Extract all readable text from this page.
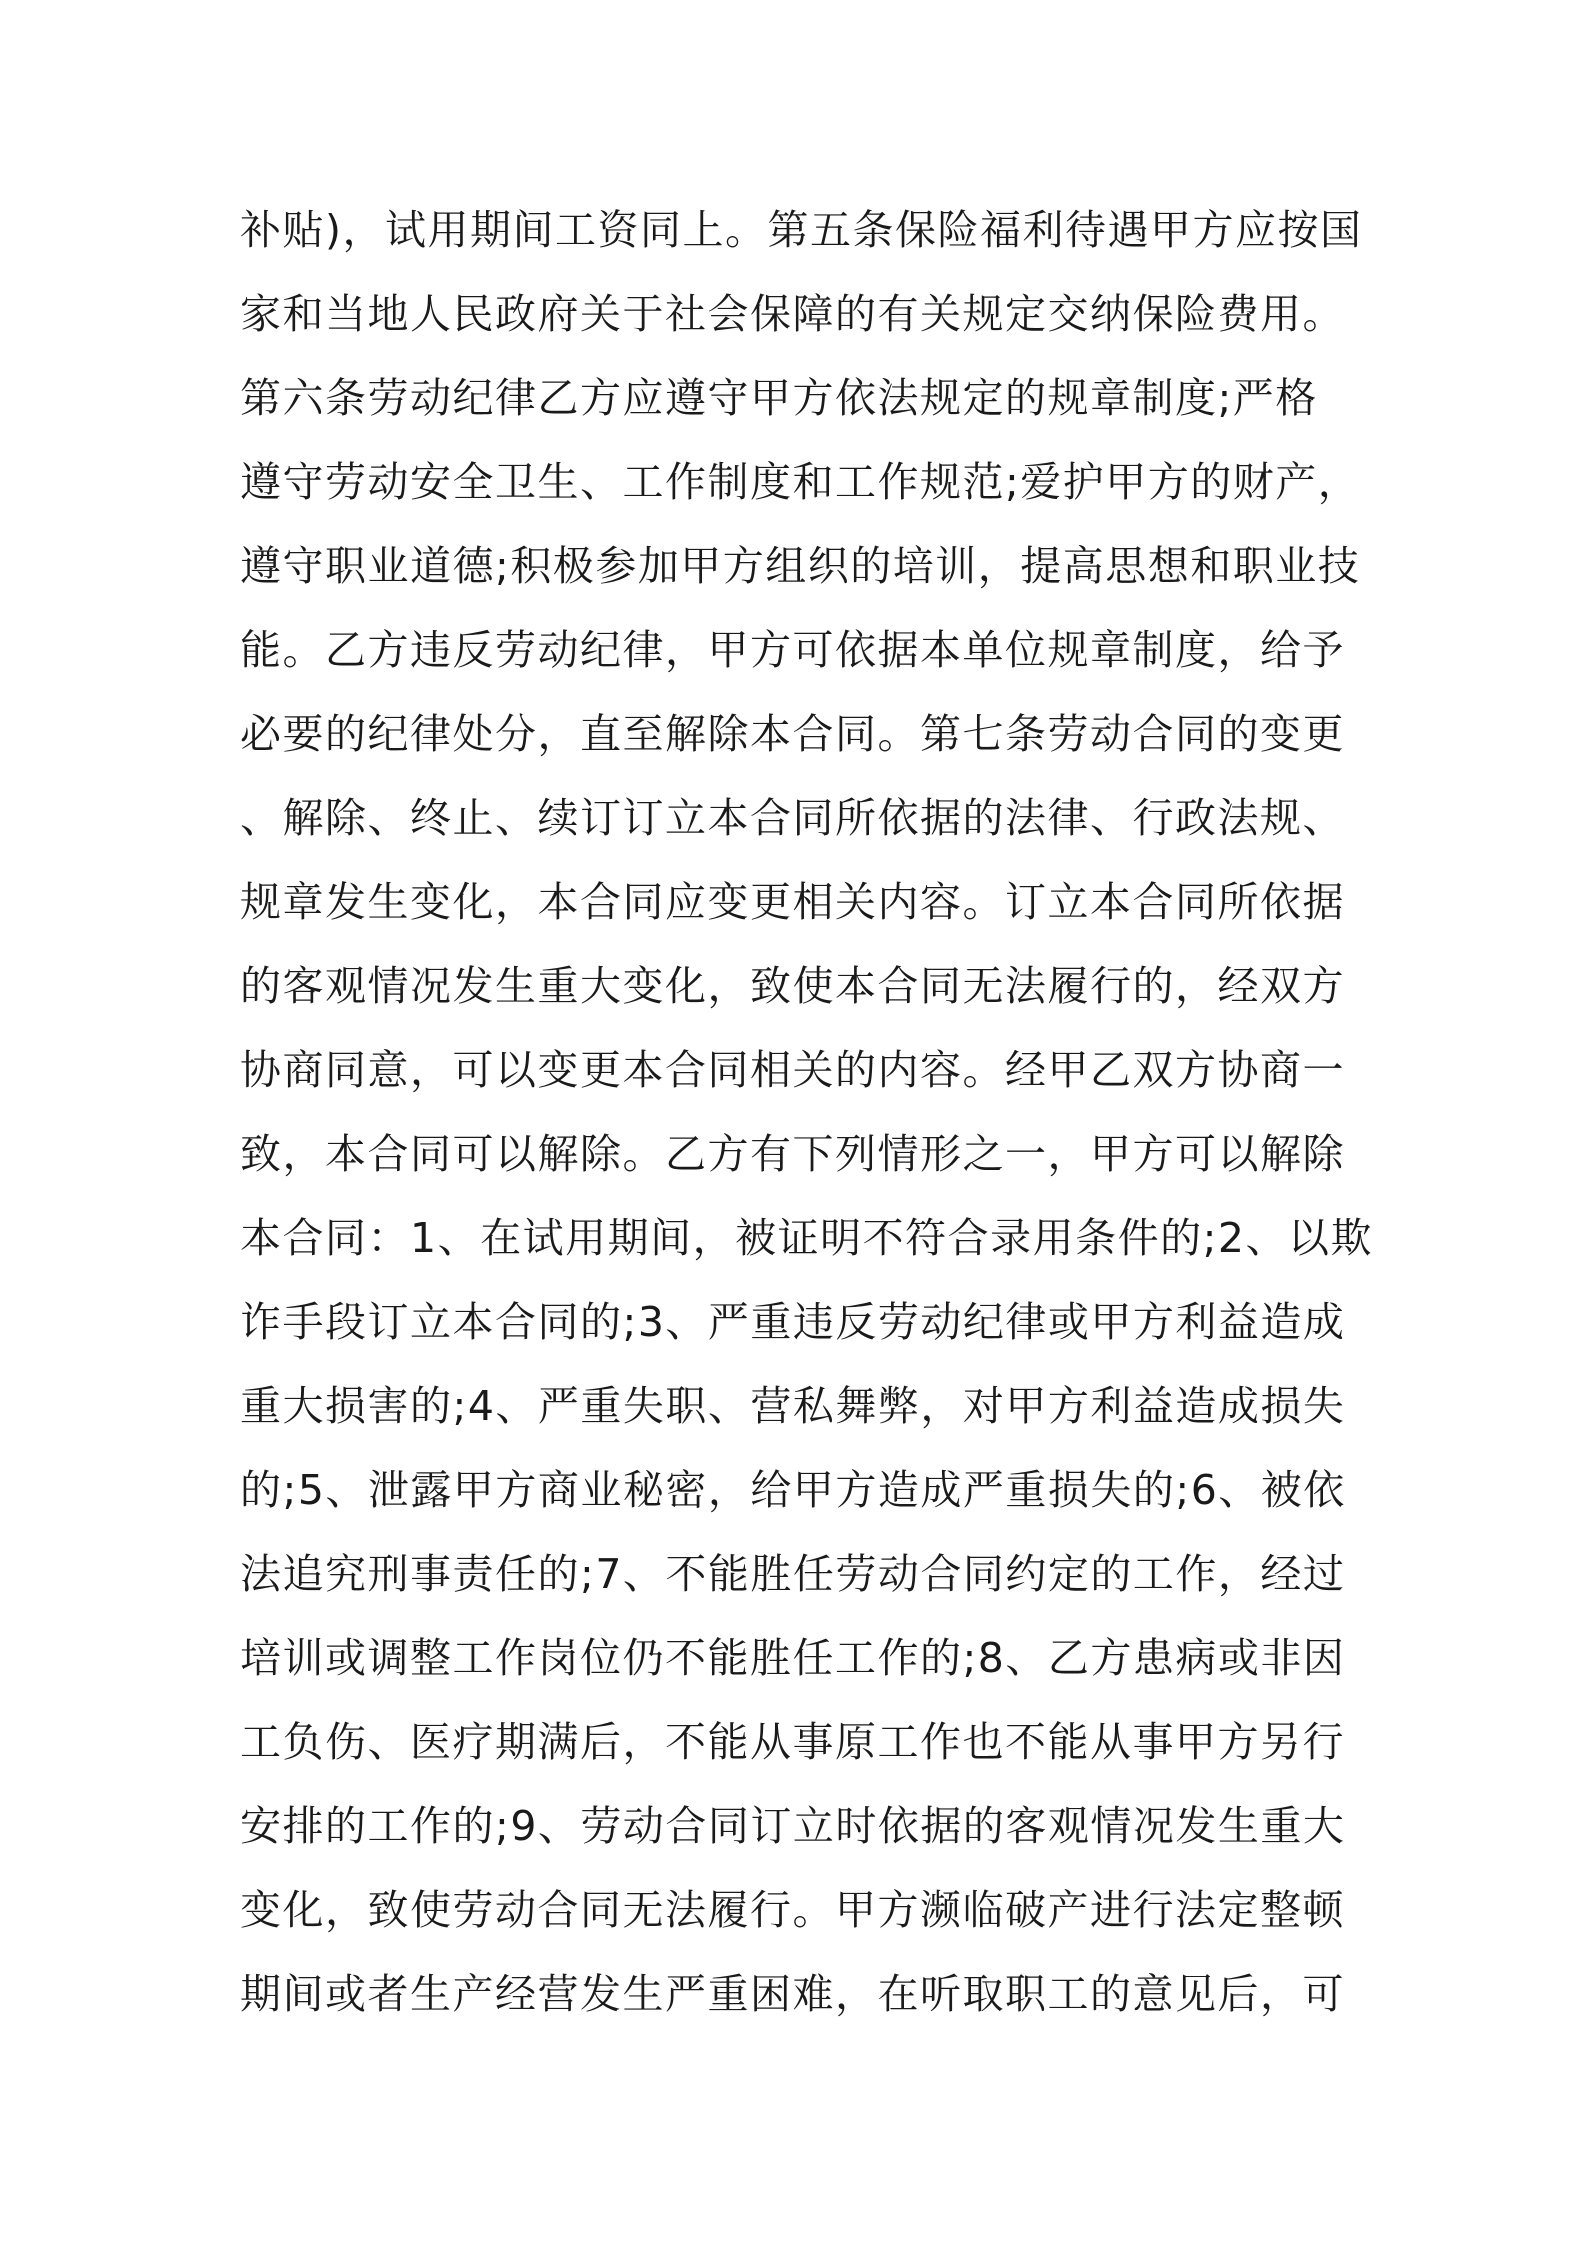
补贴)，试用期间工资同上。第五条保险福利待遇甲方应按国
家和当地人民政府关于社会保障的有关规定交纳保险费用。
第六条劳动纪律乙方应遵守甲方依法规定的规章制度;严格
遵守劳动安全卫生、工作制度和工作规范;爱护甲方的财产，
遵守职业道德;积极参加甲方组织的培训，提高思想和职业技
能。乙方违反劳动纪律，甲方可依据本单位规章制度，给予
必要的纪律处分，直至解除本合同。第七条劳动合同的变更
、解除、终止、续订订立本合同所依据的法律、行政法规、
规章发生变化，本合同应变更相关内容。订立本合同所依据
的客观情况发生重大变化，致使本合同无法履行的，经双方
协商同意，可以变更本合同相关的内容。经甲乙双方协商一
致，本合同可以解除。乙方有下列情形之一，甲方可以解除
本合同：1、在试用期间，被证明不符合录用条件的;2、以欺
诈手段订立本合同的;3、严重违反劳动纪律或甲方利益造成
重大损害的;4、严重失职、营私舞弊，对甲方利益造成损失
的;5、泄露甲方商业秘密，给甲方造成严重损失的;6、被依
法追究刑事责任的;7、不能胜任劳动合同约定的工作，经过
培训或调整工作岗位仍不能胜任工作的;8、乙方患病或非因
工负伤、医疗期满后，不能从事原工作也不能从事甲方另行
安排的工作的;9、劳动合同订立时依据的客观情况发生重大
变化，致使劳动合同无法履行。甲方濒临破产进行法定整顿
期间或者生产经营发生严重困难，在听取职工的意见后，可
